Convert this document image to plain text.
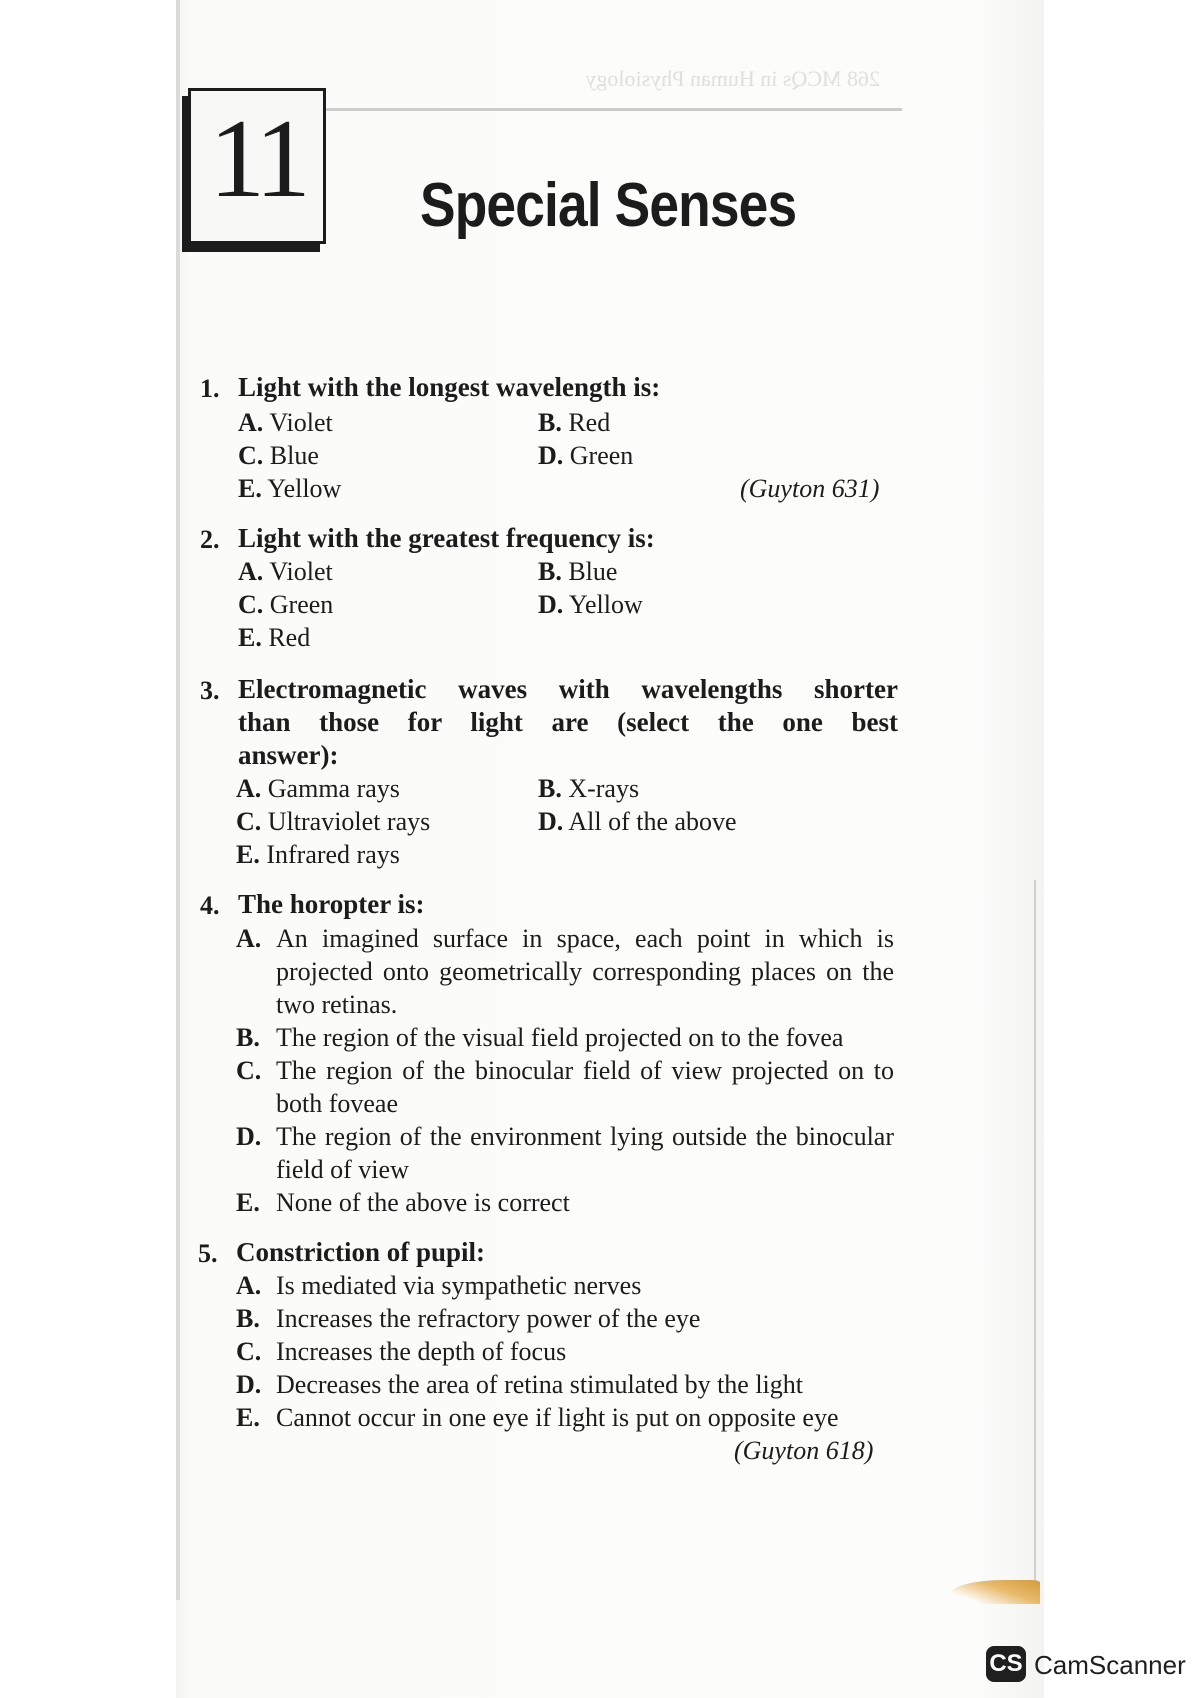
268 MCQs in Human Physiology
11 Special Senses
1. Light with the longest wavelength is:
A. Violet	B. Red
C. Blue	D. Green
E. Yellow	(Guyton 631)
2. Light with the greatest frequency is:
A. Violet	B. Blue
C. Green	D. Yellow
E. Red
3. Electromagnetic waves with wavelengths shorter
than those for light are (select the one best
answer):
A. Gamma rays	B. X-rays
C. Ultraviolet rays	D. All of the above
E. Infrared rays
4. The horopter is:
A. An imagined surface in space, each point in which is projected onto geometrically corresponding places on the two retinas.
B. The region of the visual field projected on to the fovea
C. The region of the binocular field of view projected on to both foveae
D. The region of the environment lying outside the binocular field of view
E. None of the above is correct
5. Constriction of pupil:
A. Is mediated via sympathetic nerves
B. Increases the refractory power of the eye
C. Increases the depth of focus
D. Decreases the area of retina stimulated by the light
E. Cannot occur in one eye if light is put on opposite eye
(Guyton 618)
CS CamScanner
